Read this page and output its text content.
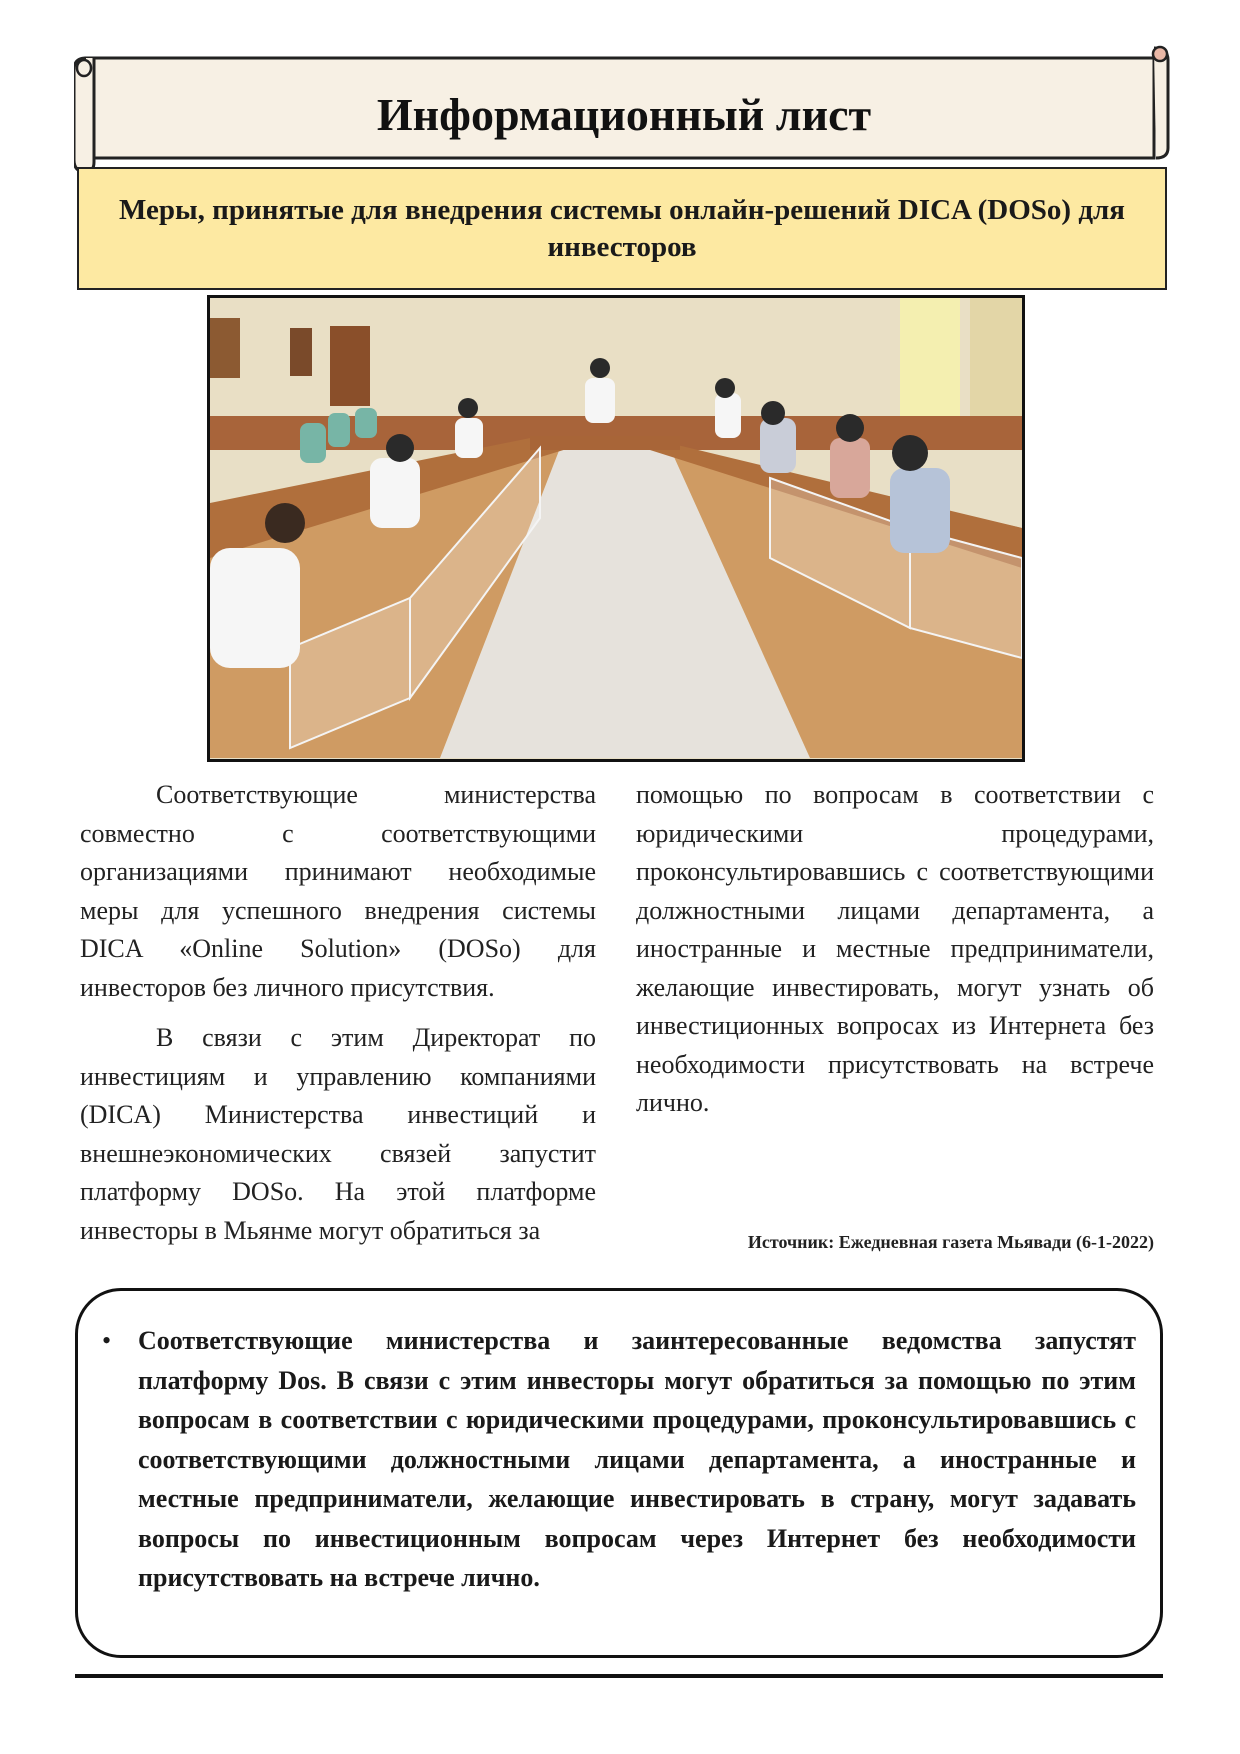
Информационный лист
Меры, принятые для внедрения системы онлайн-решений DICA (DOSo) для инвесторов

Соответствующие министерства совместно с соответствующими организациями принимают необходимые меры для успешного внедрения системы DICA «Online Solution» (DOSo) для инвесторов без личного присутствия.

В связи с этим Директорат по инвестициям и управлению компаниями (DICA) Министерства инвестиций и внешнеэкономических связей запустит платформу DOSo. На этой платформе инвесторы в Мьянме могут обратиться за

помощью по вопросам в соответствии с юридическими процедурами, проконсультировавшись с соответствующими должностными лицами департамента, а иностранные и местные предприниматели, желающие инвестировать, могут узнать об инвестиционных вопросах из Интернета без необходимости присутствовать на встрече лично.

Источник: Ежедневная газета Мьявади (6-1-2022)
• Соответствующие министерства и заинтересованные ведомства запустят платформу Dos. В связи с этим инвесторы могут обратиться за помощью по этим вопросам в соответствии с юридическими процедурами, проконсультировавшись с соответствующими должностными лицами департамента, а иностранные и местные предприниматели, желающие инвестировать в страну, могут задавать вопросы по инвестиционным вопросам через Интернет без необходимости присутствовать на встрече лично.
